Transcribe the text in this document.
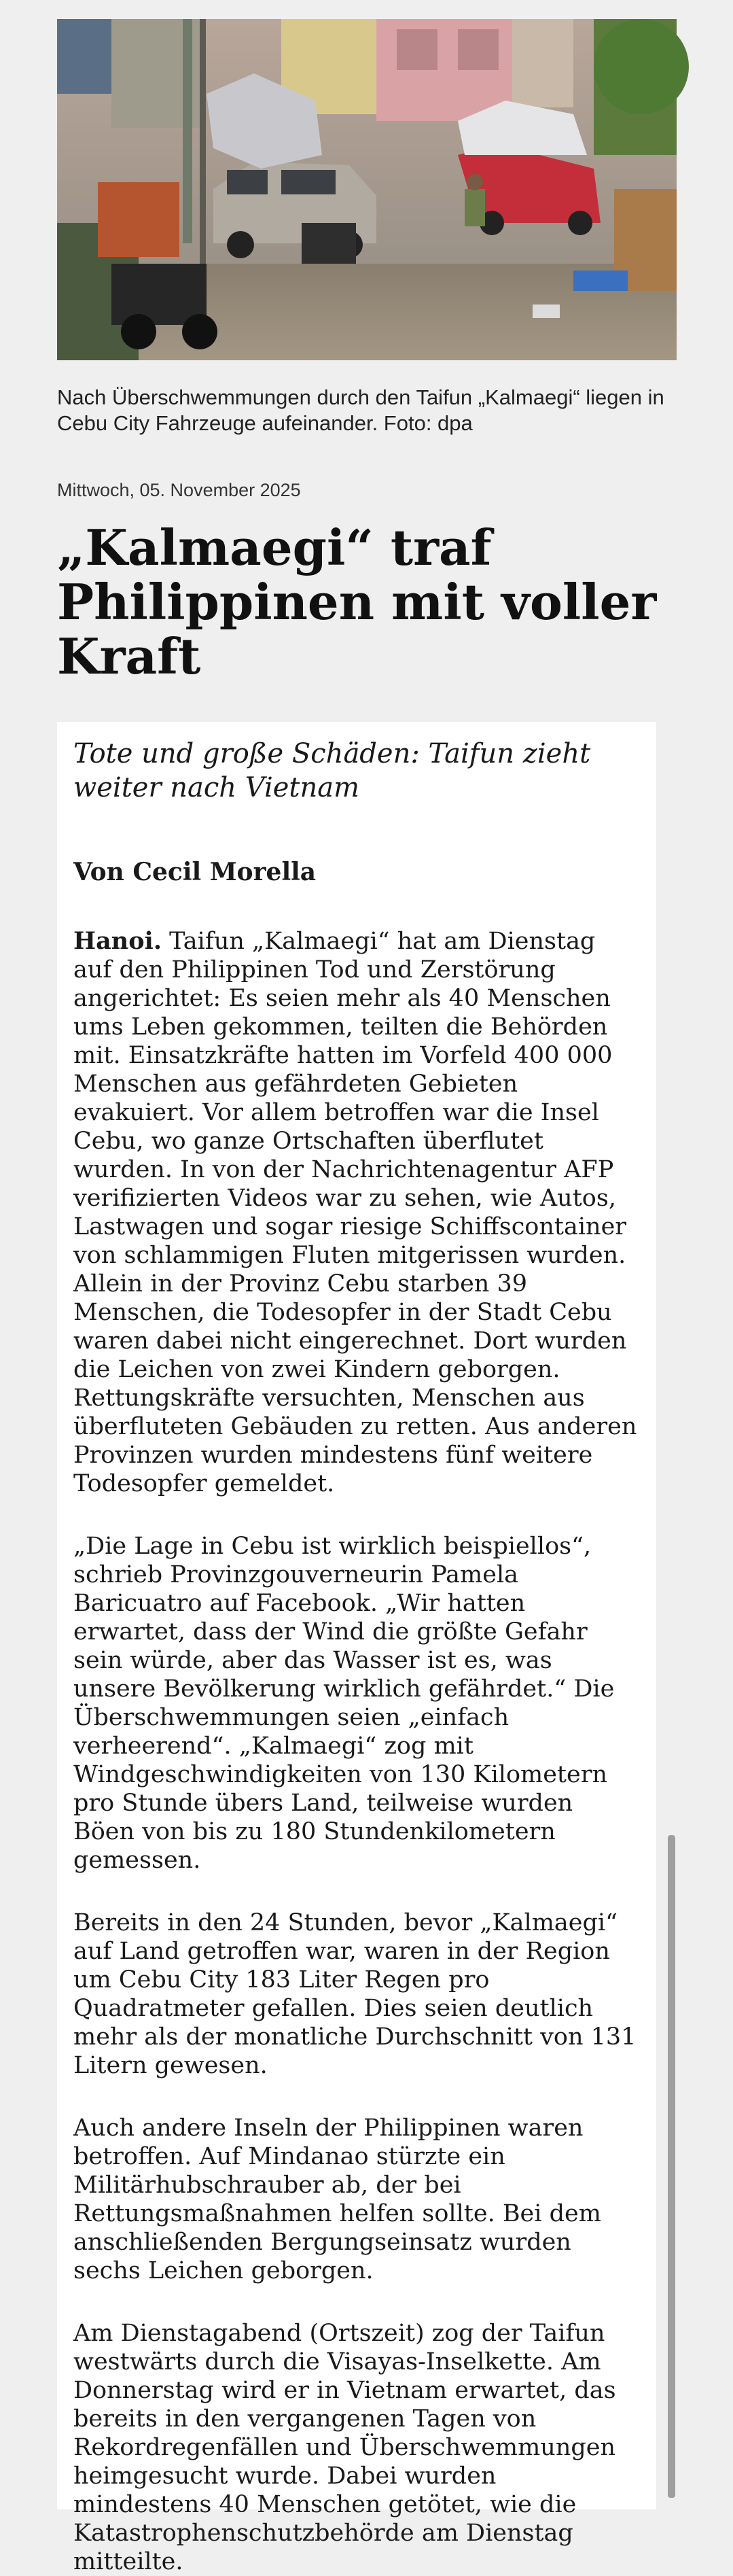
Nach Überschwemmungen durch den Taifun „Kalmaegi“ liegen in Cebu City Fahrzeuge aufeinander. Foto: dpa
Mittwoch, 05. November 2025
„Kalmaegi“ traf Philippinen mit voller Kraft

Tote und große Schäden: Taifun zieht weiter nach Vietnam

Von Cecil Morella

Hanoi. Taifun „Kalmaegi“ hat am Dienstag auf den Philippinen Tod und Zerstörung angerichtet: Es seien mehr als 40 Menschen ums Leben gekommen, teilten die Behörden mit. Einsatzkräfte hatten im Vorfeld 400 000 Menschen aus gefährdeten Gebieten evakuiert. Vor allem betroffen war die Insel Cebu, wo ganze Ortschaften überflutet wurden. In von der Nachrichtenagentur AFP verifizierten Videos war zu sehen, wie Autos, Lastwagen und sogar riesige Schiffscontainer von schlammigen Fluten mitgerissen wurden. Allein in der Provinz Cebu starben 39 Menschen, die Todesopfer in der Stadt Cebu waren dabei nicht eingerechnet. Dort wurden die Leichen von zwei Kindern geborgen. Rettungskräfte versuchten, Menschen aus überfluteten Gebäuden zu retten. Aus anderen Provinzen wurden mindestens fünf weitere Todesopfer gemeldet.

„Die Lage in Cebu ist wirklich beispiellos“, schrieb Provinzgouverneurin Pamela Baricuatro auf Facebook. „Wir hatten erwartet, dass der Wind die größte Gefahr sein würde, aber das Wasser ist es, was unsere Bevölkerung wirklich gefährdet.“ Die Überschwemmungen seien „einfach verheerend“. „Kalmaegi“ zog mit Windgeschwindigkeiten von 130 Kilometern pro Stunde übers Land, teilweise wurden Böen von bis zu 180 Stundenkilometern gemessen.

Bereits in den 24 Stunden, bevor „Kalmaegi“ auf Land getroffen war, waren in der Region um Cebu City 183 Liter Regen pro Quadratmeter gefallen. Dies seien deutlich mehr als der monatliche Durchschnitt von 131 Litern gewesen.

Auch andere Inseln der Philippinen waren betroffen. Auf Mindanao stürzte ein Militärhubschrauber ab, der bei Rettungsmaßnahmen helfen sollte. Bei dem anschließenden Bergungseinsatz wurden sechs Leichen geborgen.

Am Dienstagabend (Ortszeit) zog der Taifun westwärts durch die Visayas-Inselkette. Am Donnerstag wird er in Vietnam erwartet, das bereits in den vergangenen Tagen von Rekordregenfällen und Überschwemmungen heimgesucht wurde. Dabei wurden mindestens 40 Menschen getötet, wie die Katastrophenschutzbehörde am Dienstag mitteilte.
